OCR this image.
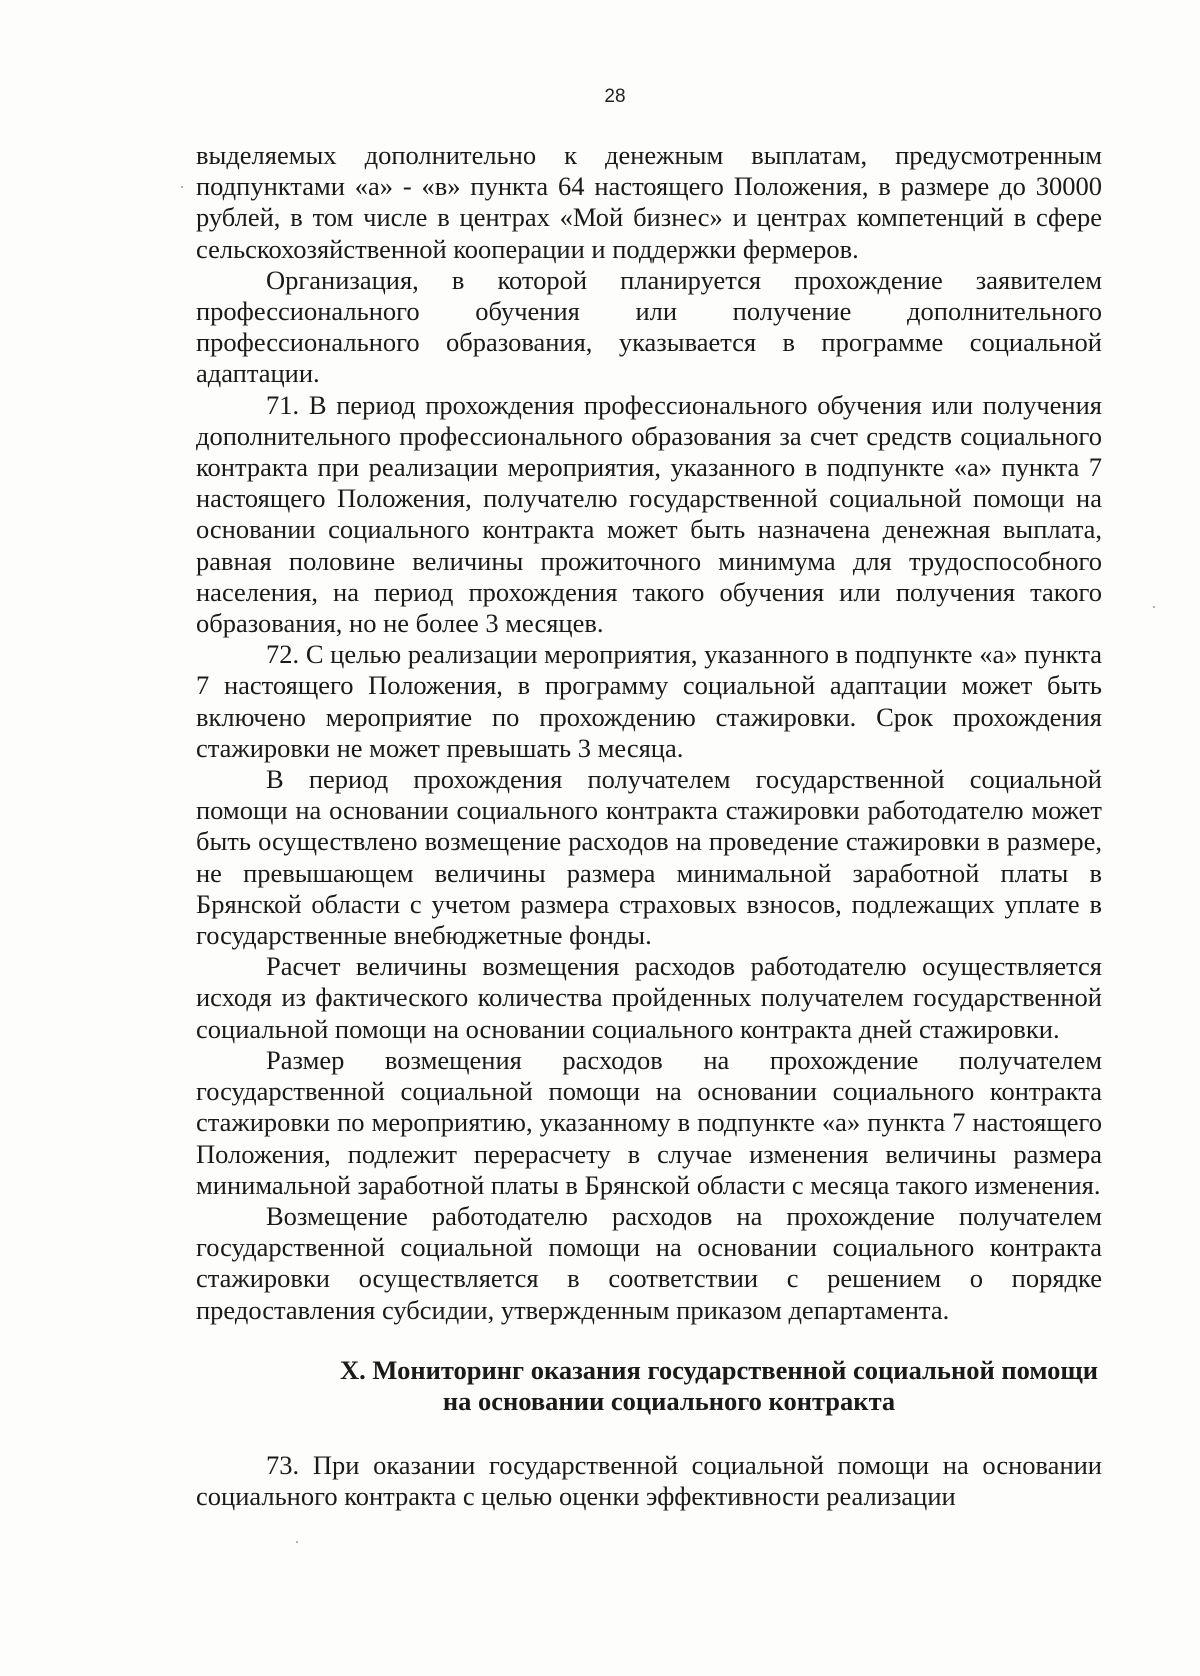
28

выделяемых дополнительно к денежным выплатам, предусмотренным подпунктами «а» - «в» пункта 64 настоящего Положения, в размере до 30000 рублей, в том числе в центрах «Мой бизнес» и центрах компетенций в сфере сельскохозяйственной кооперации и поддержки фермеров.

Организация, в которой планируется прохождение заявителем профессионального обучения или получение дополнительного профессионального образования, указывается в программе социальной адаптации.

71. В период прохождения профессионального обучения или получения дополнительного профессионального образования за счет средств социального контракта при реализации мероприятия, указанного в подпункте «а» пункта 7 настоящего Положения, получателю государственной социальной помощи на основании социального контракта может быть назначена денежная выплата, равная половине величины прожиточного минимума для трудоспособного населения, на период прохождения такого обучения или получения такого образования, но не более 3 месяцев.

72. С целью реализации мероприятия, указанного в подпункте «а» пункта 7 настоящего Положения, в программу социальной адаптации может быть включено мероприятие по прохождению стажировки. Срок прохождения стажировки не может превышать 3 месяца.

В период прохождения получателем государственной социальной помощи на основании социального контракта стажировки работодателю может быть осуществлено возмещение расходов на проведение стажировки в размере, не превышающем величины размера минимальной заработной платы в Брянской области с учетом размера страховых взносов, подлежащих уплате в государственные внебюджетные фонды.

Расчет величины возмещения расходов работодателю осуществляется исходя из фактического количества пройденных получателем государственной социальной помощи на основании социального контракта дней стажировки.

Размер возмещения расходов на прохождение получателем государственной социальной помощи на основании социального контракта стажировки по мероприятию, указанному в подпункте «а» пункта 7 настоящего Положения, подлежит перерасчету в случае изменения величины размера минимальной заработной платы в Брянской области с месяца такого изменения.

Возмещение работодателю расходов на прохождение получателем государственной социальной помощи на основании социального контракта стажировки осуществляется в соответствии с решением о порядке предоставления субсидии, утвержденным приказом департамента.

X. Мониторинг оказания государственной социальной помощи
на основании социального контракта

73. При оказании государственной социальной помощи на основании социального контракта с целью оценки эффективности реализации
